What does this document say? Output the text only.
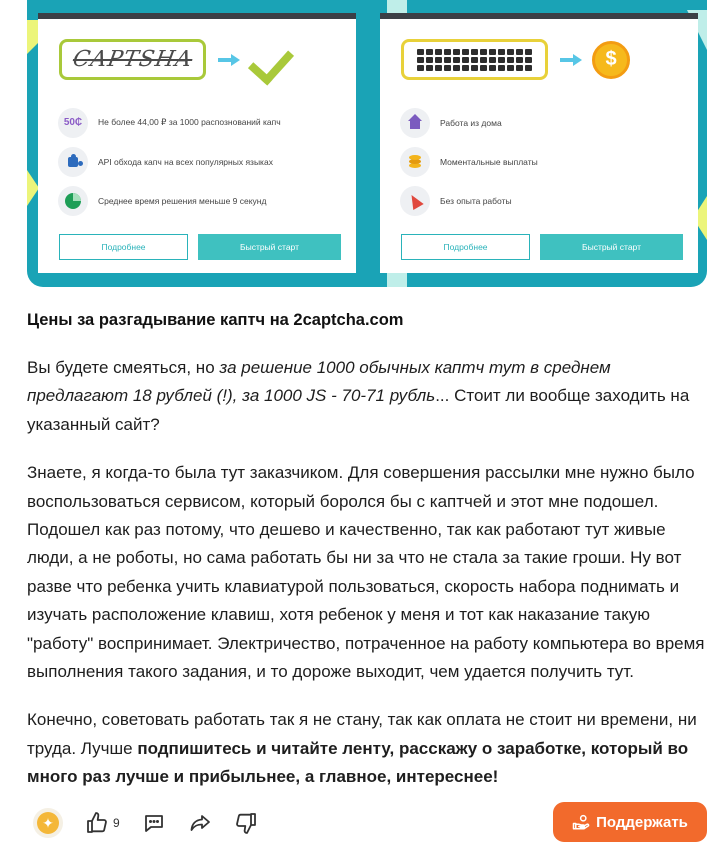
CAPTSHA
50₵ Не более 44,00 ₽ за 1000 распознований капч
API обхода капч на всех популярных языках
Среднее время решения меньше 9 секунд
Подробнее	Быстрый старт
$
Работа из дома
Моментальные выплаты
Без опыта работы
Подробнее	Быстрый старт
Цены за разгадывание каптч на 2captcha.com

Вы будете смеяться, но за решение 1000 обычных каптч тут в среднем предлагают 18 рублей (!), за 1000 JS - 70-71 рубль... Стоит ли вообще заходить на указанный сайт?

Знаете, я когда-то была тут заказчиком. Для совершения рассылки мне нужно было воспользоваться сервисом, который боролся бы с каптчей и этот мне подошел. Подошел как раз потому, что дешево и качественно, так как работают тут живые люди, а не роботы, но сама работать бы ни за что не стала за такие гроши. Ну вот разве что ребенка учить клавиатурой пользоваться, скорость набора поднимать и изучать расположение клавиш, хотя ребенок у меня и тот как наказание такую "работу" воспринимает. Электричество, потраченное на работу компьютера во время выполнения такого задания, и то дороже выходит, чем удается получить тут.

Конечно, советовать работать так я не стану, так как оплата не стоит ни времени, ни труда. Лучше подпишитесь и читайте ленту, расскажу о заработке, который во много раз лучше и прибыльнее, а главное, интереснее!

✦	9	Поддержать
